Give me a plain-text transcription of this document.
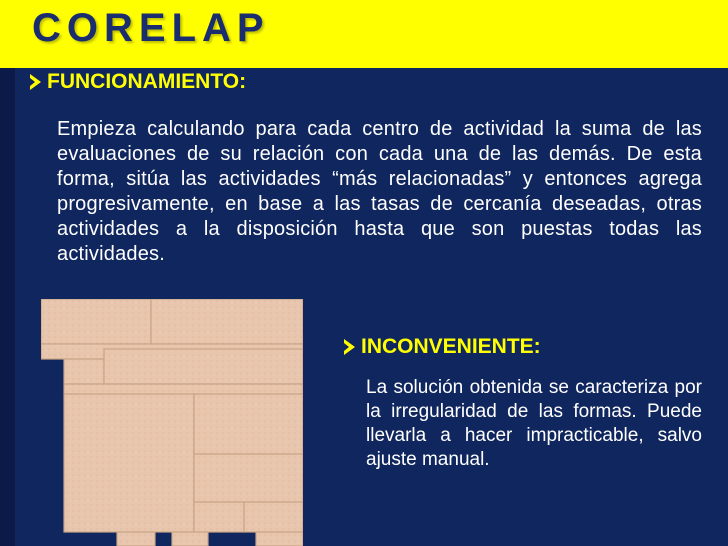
CORELAP
FUNCIONAMIENTO:
Empieza calculando para cada centro de actividad la suma de las evaluaciones de su relación con cada una de las demás. De esta forma, sitúa las actividades “más relacionadas” y entonces agrega progresivamente, en base a las tasas de cercanía deseadas, otras actividades a la disposición hasta que son puestas todas las actividades.
INCONVENIENTE:
La solución obtenida se caracteriza por la irregularidad de las formas. Puede llevarla a hacer impracticable, salvo ajuste manual.
